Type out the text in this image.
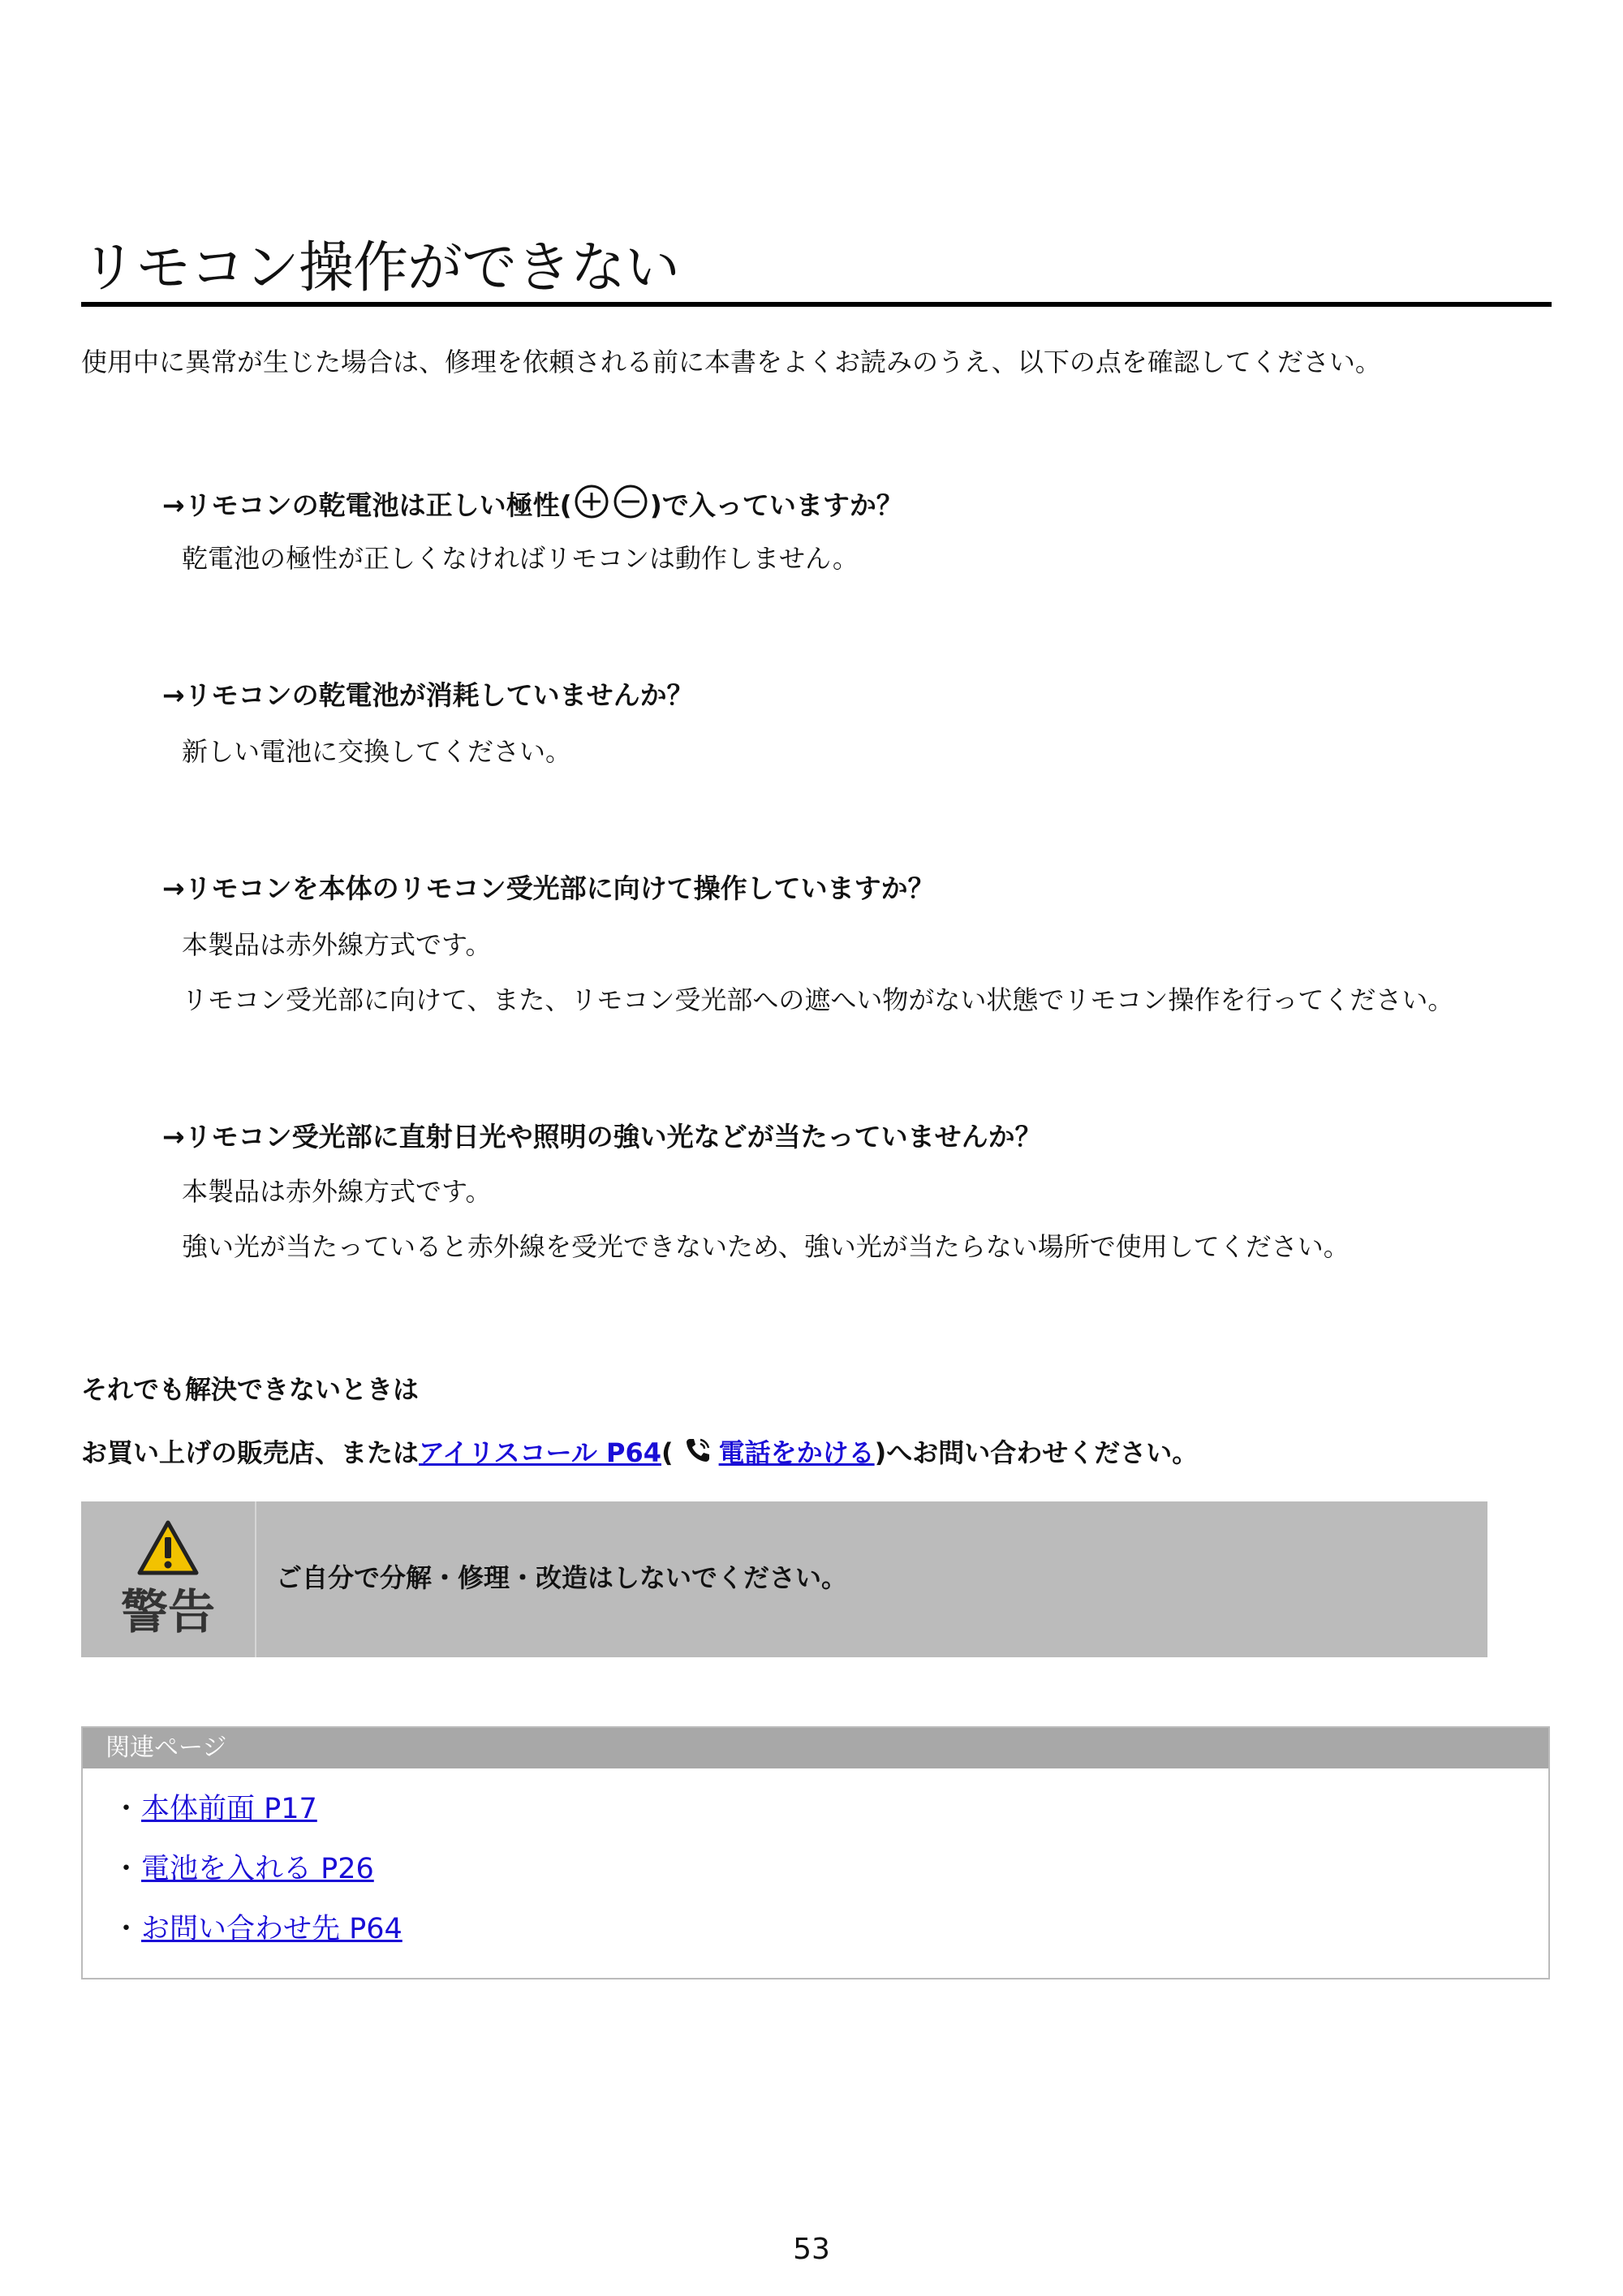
リモコン操作ができない
使用中に異常が生じた場合は、修理を依頼される前に本書をよくお読みのうえ、以下の点を確認してください。
→リモコンの乾電池は正しい極性(	)で入っていますか？
乾電池の極性が正しくなければリモコンは動作しません。
→リモコンの乾電池が消耗していませんか？
新しい電池に交換してください。
→リモコンを本体のリモコン受光部に向けて操作していますか？
本製品は赤外線方式です。
リモコン受光部に向けて、また、リモコン受光部への遮へい物がない状態でリモコン操作を行ってください。
→リモコン受光部に直射日光や照明の強い光などが当たっていませんか？
本製品は赤外線方式です。
強い光が当たっていると赤外線を受光できないため、強い光が当たらない場所で使用してください。
それでも解決できないときは
お買い上げの販売店、またはアイリスコール P64( 電話をかける)へお問い合わせください。
警告
ご自分で分解・修理・改造はしないでください。
関連ページ
・本体前面 P17
・電池を入れる P26
・お問い合わせ先 P64
53
